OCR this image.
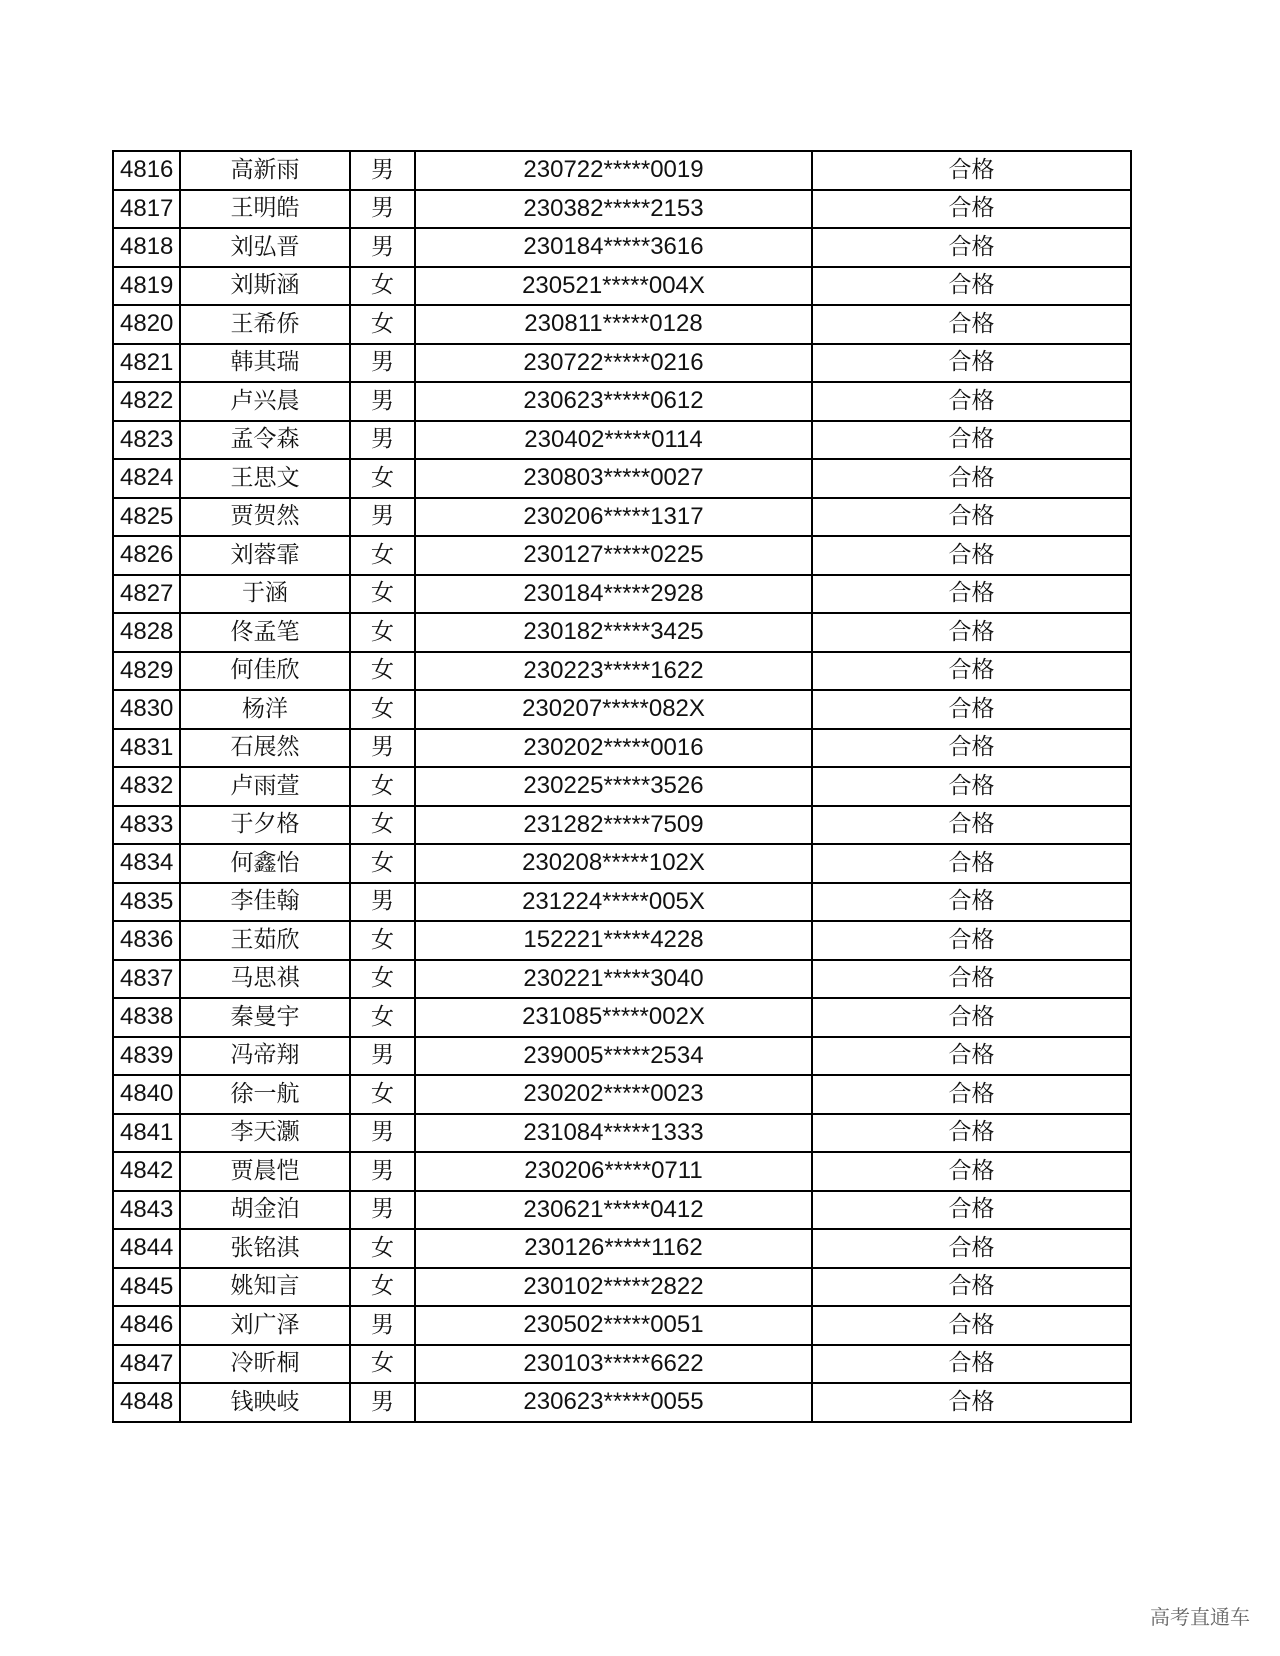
4816	高新雨	男	230722*****0019	合格
4817	王明皓	男	230382*****2153	合格
4818	刘弘晋	男	230184*****3616	合格
4819	刘斯涵	女	230521*****004X	合格
4820	王希侨	女	230811*****0128	合格
4821	韩其瑞	男	230722*****0216	合格
4822	卢兴晨	男	230623*****0612	合格
4823	孟令森	男	230402*****0114	合格
4824	王思文	女	230803*****0027	合格
4825	贾贺然	男	230206*****1317	合格
4826	刘蓉霏	女	230127*****0225	合格
4827	于涵	女	230184*****2928	合格
4828	佟孟笔	女	230182*****3425	合格
4829	何佳欣	女	230223*****1622	合格
4830	杨洋	女	230207*****082X	合格
4831	石展然	男	230202*****0016	合格
4832	卢雨萱	女	230225*****3526	合格
4833	于夕格	女	231282*****7509	合格
4834	何鑫怡	女	230208*****102X	合格
4835	李佳翰	男	231224*****005X	合格
4836	王茹欣	女	152221*****4228	合格
4837	马思祺	女	230221*****3040	合格
4838	秦曼宇	女	231085*****002X	合格
4839	冯帝翔	男	239005*****2534	合格
4840	徐一航	女	230202*****0023	合格
4841	李天灏	男	231084*****1333	合格
4842	贾晨恺	男	230206*****0711	合格
4843	胡金泊	男	230621*****0412	合格
4844	张铭淇	女	230126*****1162	合格
4845	姚知言	女	230102*****2822	合格
4846	刘广泽	男	230502*****0051	合格
4847	冷昕桐	女	230103*****6622	合格
4848	钱映岐	男	230623*****0055	合格
高考直通车
